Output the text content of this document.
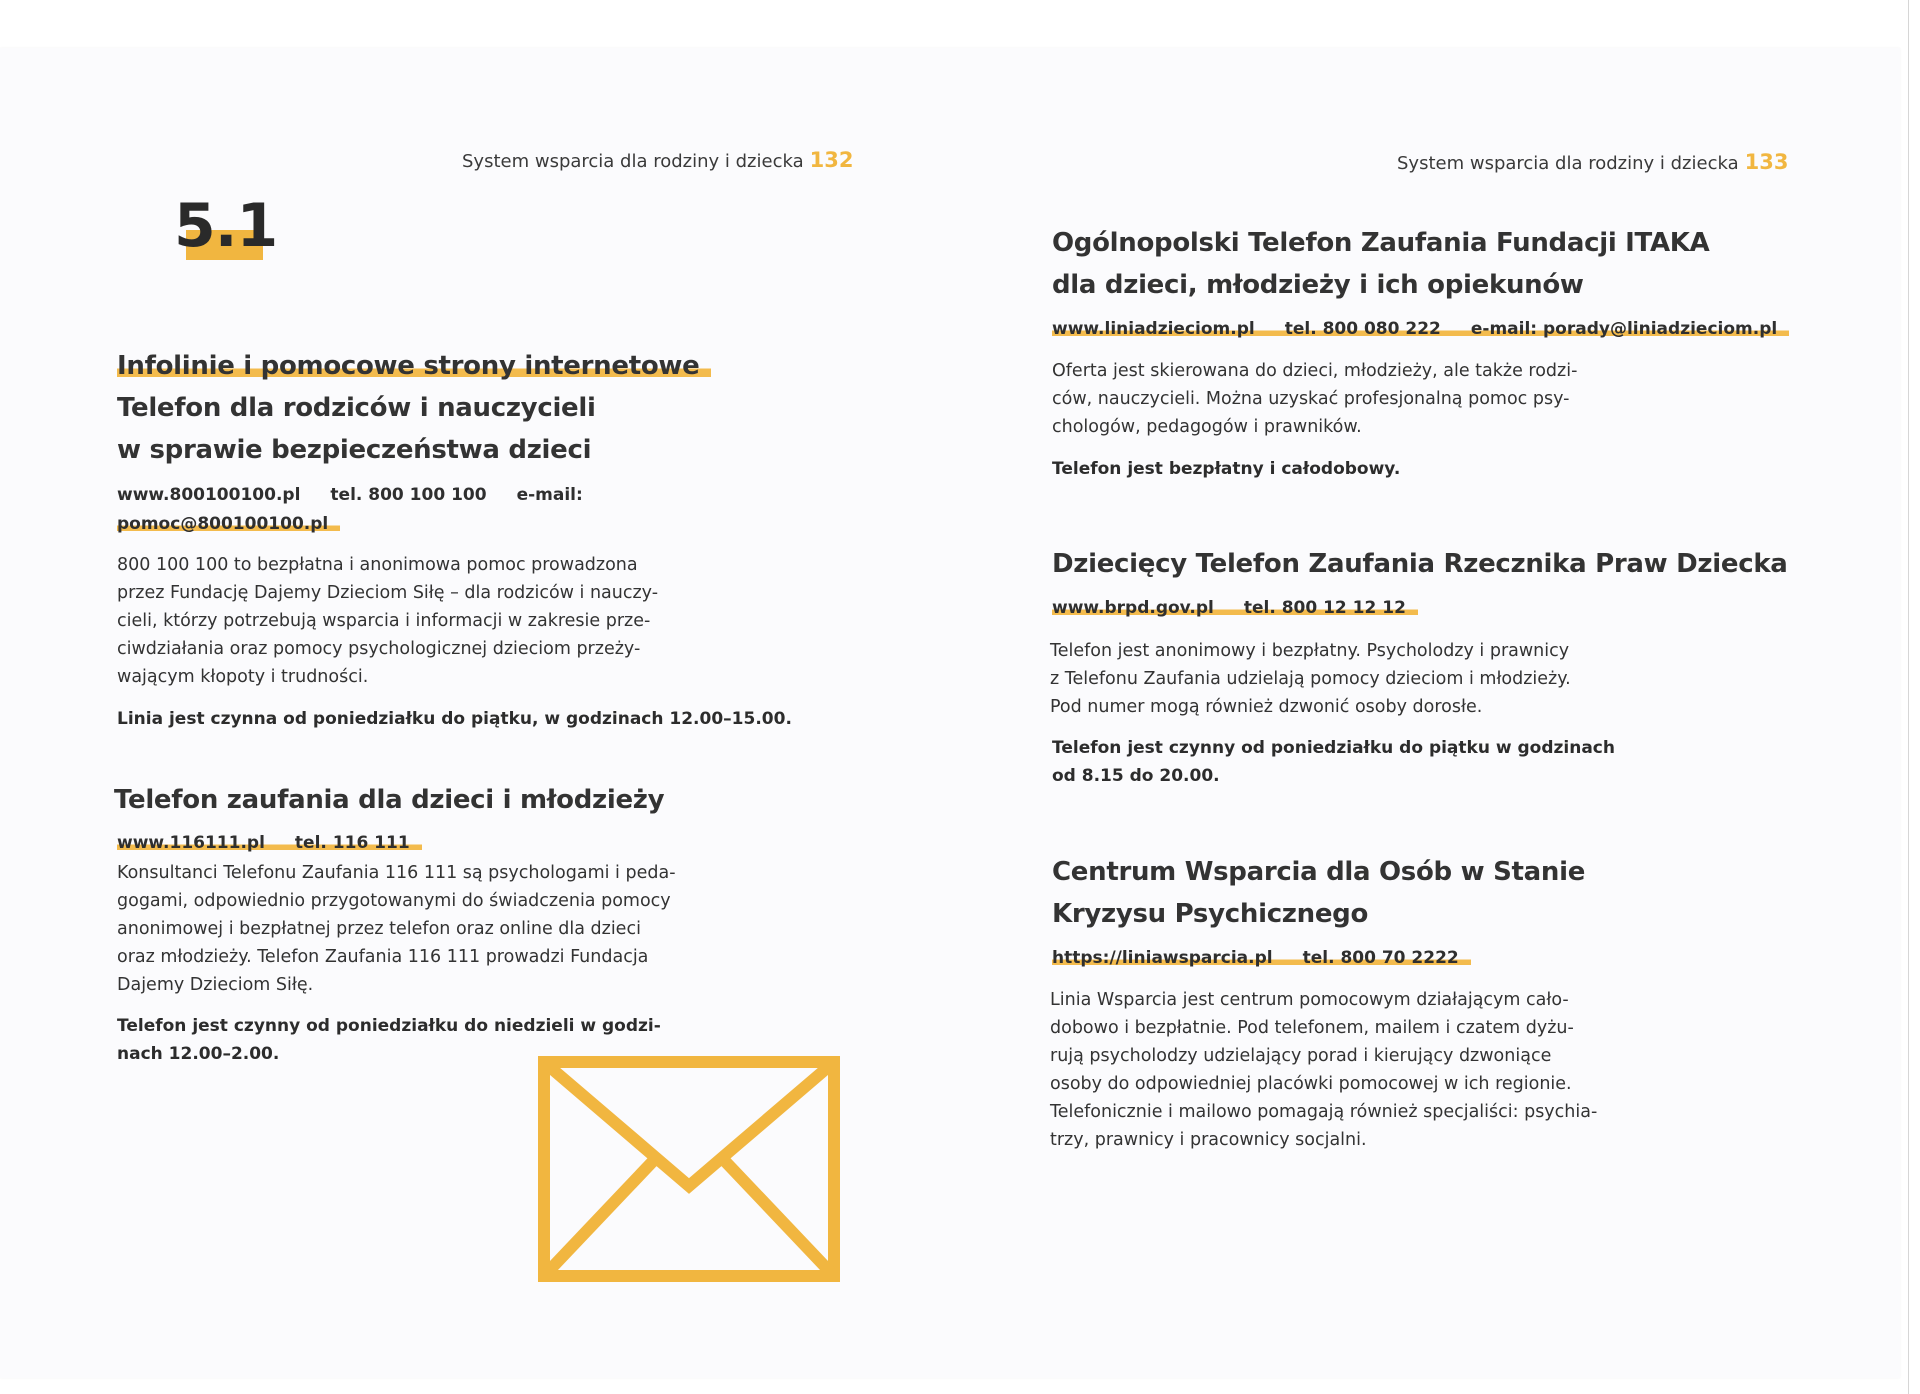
System wsparcia dla rodziny i dziecka 132
5.1
Infolinie i pomocowe strony internetowe
Telefon dla rodziców i nauczycieli
w sprawie bezpieczeństwa dzieci
www.800100100.pl tel. 800 100 100 e-mail:
pomoc@800100100.pl
800 100 100 to bezpłatna i anonimowa pomoc prowadzona
przez Fundację Dajemy Dzieciom Siłę – dla rodziców i nauczy-
cieli, którzy potrzebują wsparcia i informacji w zakresie prze-
ciwdziałania oraz pomocy psychologicznej dzieciom przeży-
wającym kłopoty i trudności.
Linia jest czynna od poniedziałku do piątku, w godzinach 12.00–15.00.
Telefon zaufania dla dzieci i młodzieży
www.116111.pl tel. 116 111
Konsultanci Telefonu Zaufania 116 111 są psychologami i peda-
gogami, odpowiednio przygotowanymi do świadczenia pomocy
anonimowej i bezpłatnej przez telefon oraz online dla dzieci
oraz młodzieży. Telefon Zaufania 116 111 prowadzi Fundacja
Dajemy Dzieciom Siłę.
Telefon jest czynny od poniedziałku do niedzieli w godzi-
nach 12.00–2.00.
System wsparcia dla rodziny i dziecka 133
Ogólnopolski Telefon Zaufania Fundacji ITAKA
dla dzieci, młodzieży i ich opiekunów
www.liniadzieciom.pl tel. 800 080 222 e-mail: porady@liniadzieciom.pl
Oferta jest skierowana do dzieci, młodzieży, ale także rodzi-
ców, nauczycieli. Można uzyskać profesjonalną pomoc psy-
chologów, pedagogów i prawników.
Telefon jest bezpłatny i całodobowy.
Dziecięcy Telefon Zaufania Rzecznika Praw Dziecka
www.brpd.gov.pl tel. 800 12 12 12
Telefon jest anonimowy i bezpłatny. Psycholodzy i prawnicy
z Telefonu Zaufania udzielają pomocy dzieciom i młodzieży.
Pod numer mogą również dzwonić osoby dorosłe.
Telefon jest czynny od poniedziałku do piątku w godzinach
od 8.15 do 20.00.
Centrum Wsparcia dla Osób w Stanie
Kryzysu Psychicznego
https://liniawsparcia.pl tel. 800 70 2222
Linia Wsparcia jest centrum pomocowym działającym cało-
dobowo i bezpłatnie. Pod telefonem, mailem i czatem dyżu-
rują psycholodzy udzielający porad i kierujący dzwoniące
osoby do odpowiedniej placówki pomocowej w ich regionie.
Telefonicznie i mailowo pomagają również specjaliści: psychia-
trzy, prawnicy i pracownicy socjalni.
